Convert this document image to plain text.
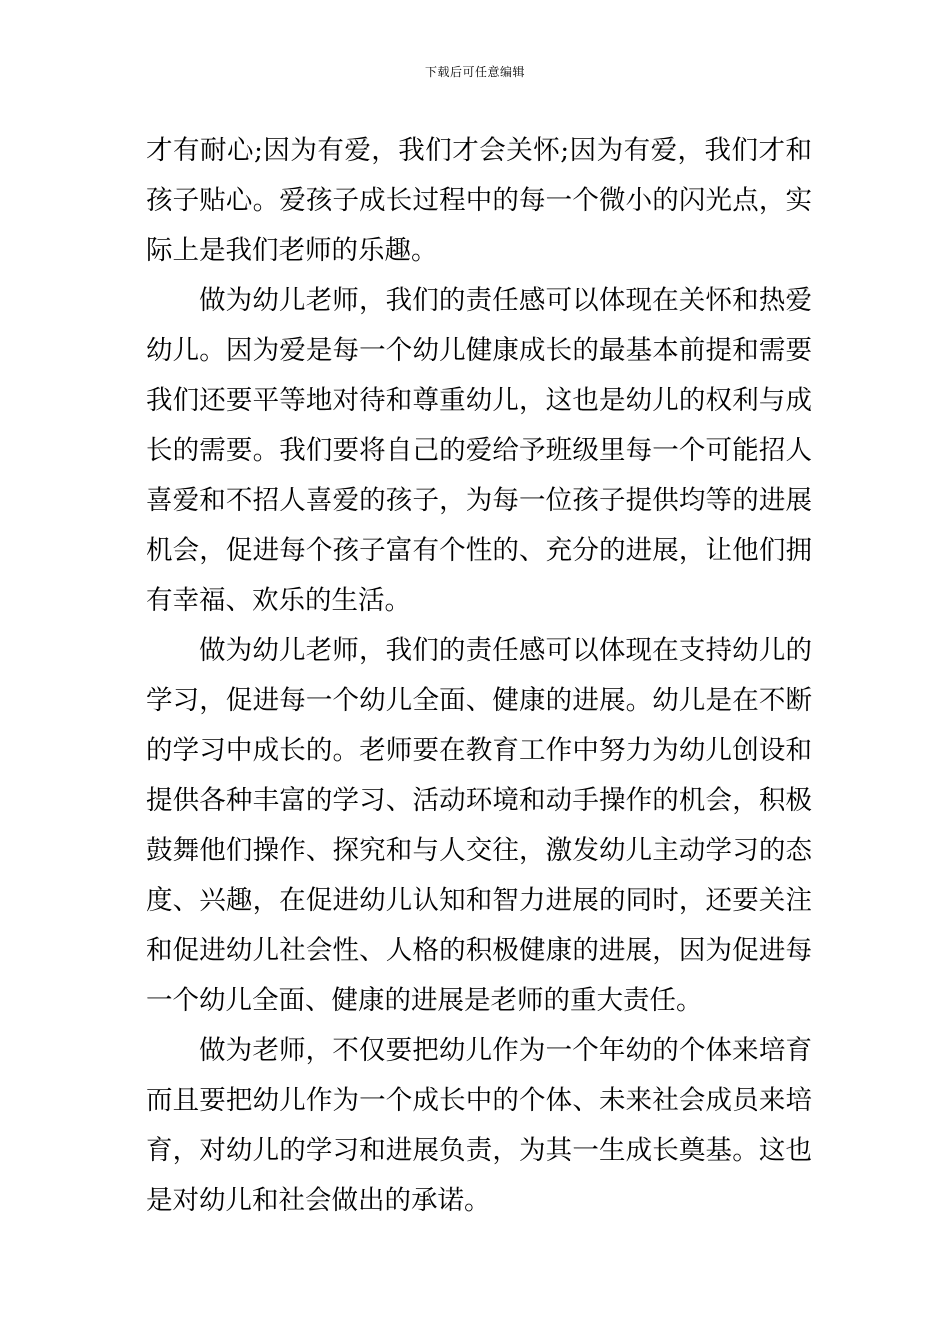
下载后可任意编辑
才有耐心;因为有爱，我们才会关怀;因为有爱，我们才和
孩子贴心。爱孩子成长过程中的每一个微小的闪光点，实
际上是我们老师的乐趣。
做为幼儿老师，我们的责任感可以体现在关怀和热爱
幼儿。因为爱是每一个幼儿健康成长的最基本前提和需要
我们还要平等地对待和尊重幼儿，这也是幼儿的权利与成
长的需要。我们要将自己的爱给予班级里每一个可能招人
喜爱和不招人喜爱的孩子，为每一位孩子提供均等的进展
机会，促进每个孩子富有个性的、充分的进展，让他们拥
有幸福、欢乐的生活。
做为幼儿老师，我们的责任感可以体现在支持幼儿的
学习，促进每一个幼儿全面、健康的进展。幼儿是在不断
的学习中成长的。老师要在教育工作中努力为幼儿创设和
提供各种丰富的学习、活动环境和动手操作的机会，积极
鼓舞他们操作、探究和与人交往，激发幼儿主动学习的态
度、兴趣，在促进幼儿认知和智力进展的同时，还要关注
和促进幼儿社会性、人格的积极健康的进展，因为促进每
一个幼儿全面、健康的进展是老师的重大责任。
做为老师，不仅要把幼儿作为一个年幼的个体来培育
而且要把幼儿作为一个成长中的个体、未来社会成员来培
育，对幼儿的学习和进展负责，为其一生成长奠基。这也
是对幼儿和社会做出的承诺。
